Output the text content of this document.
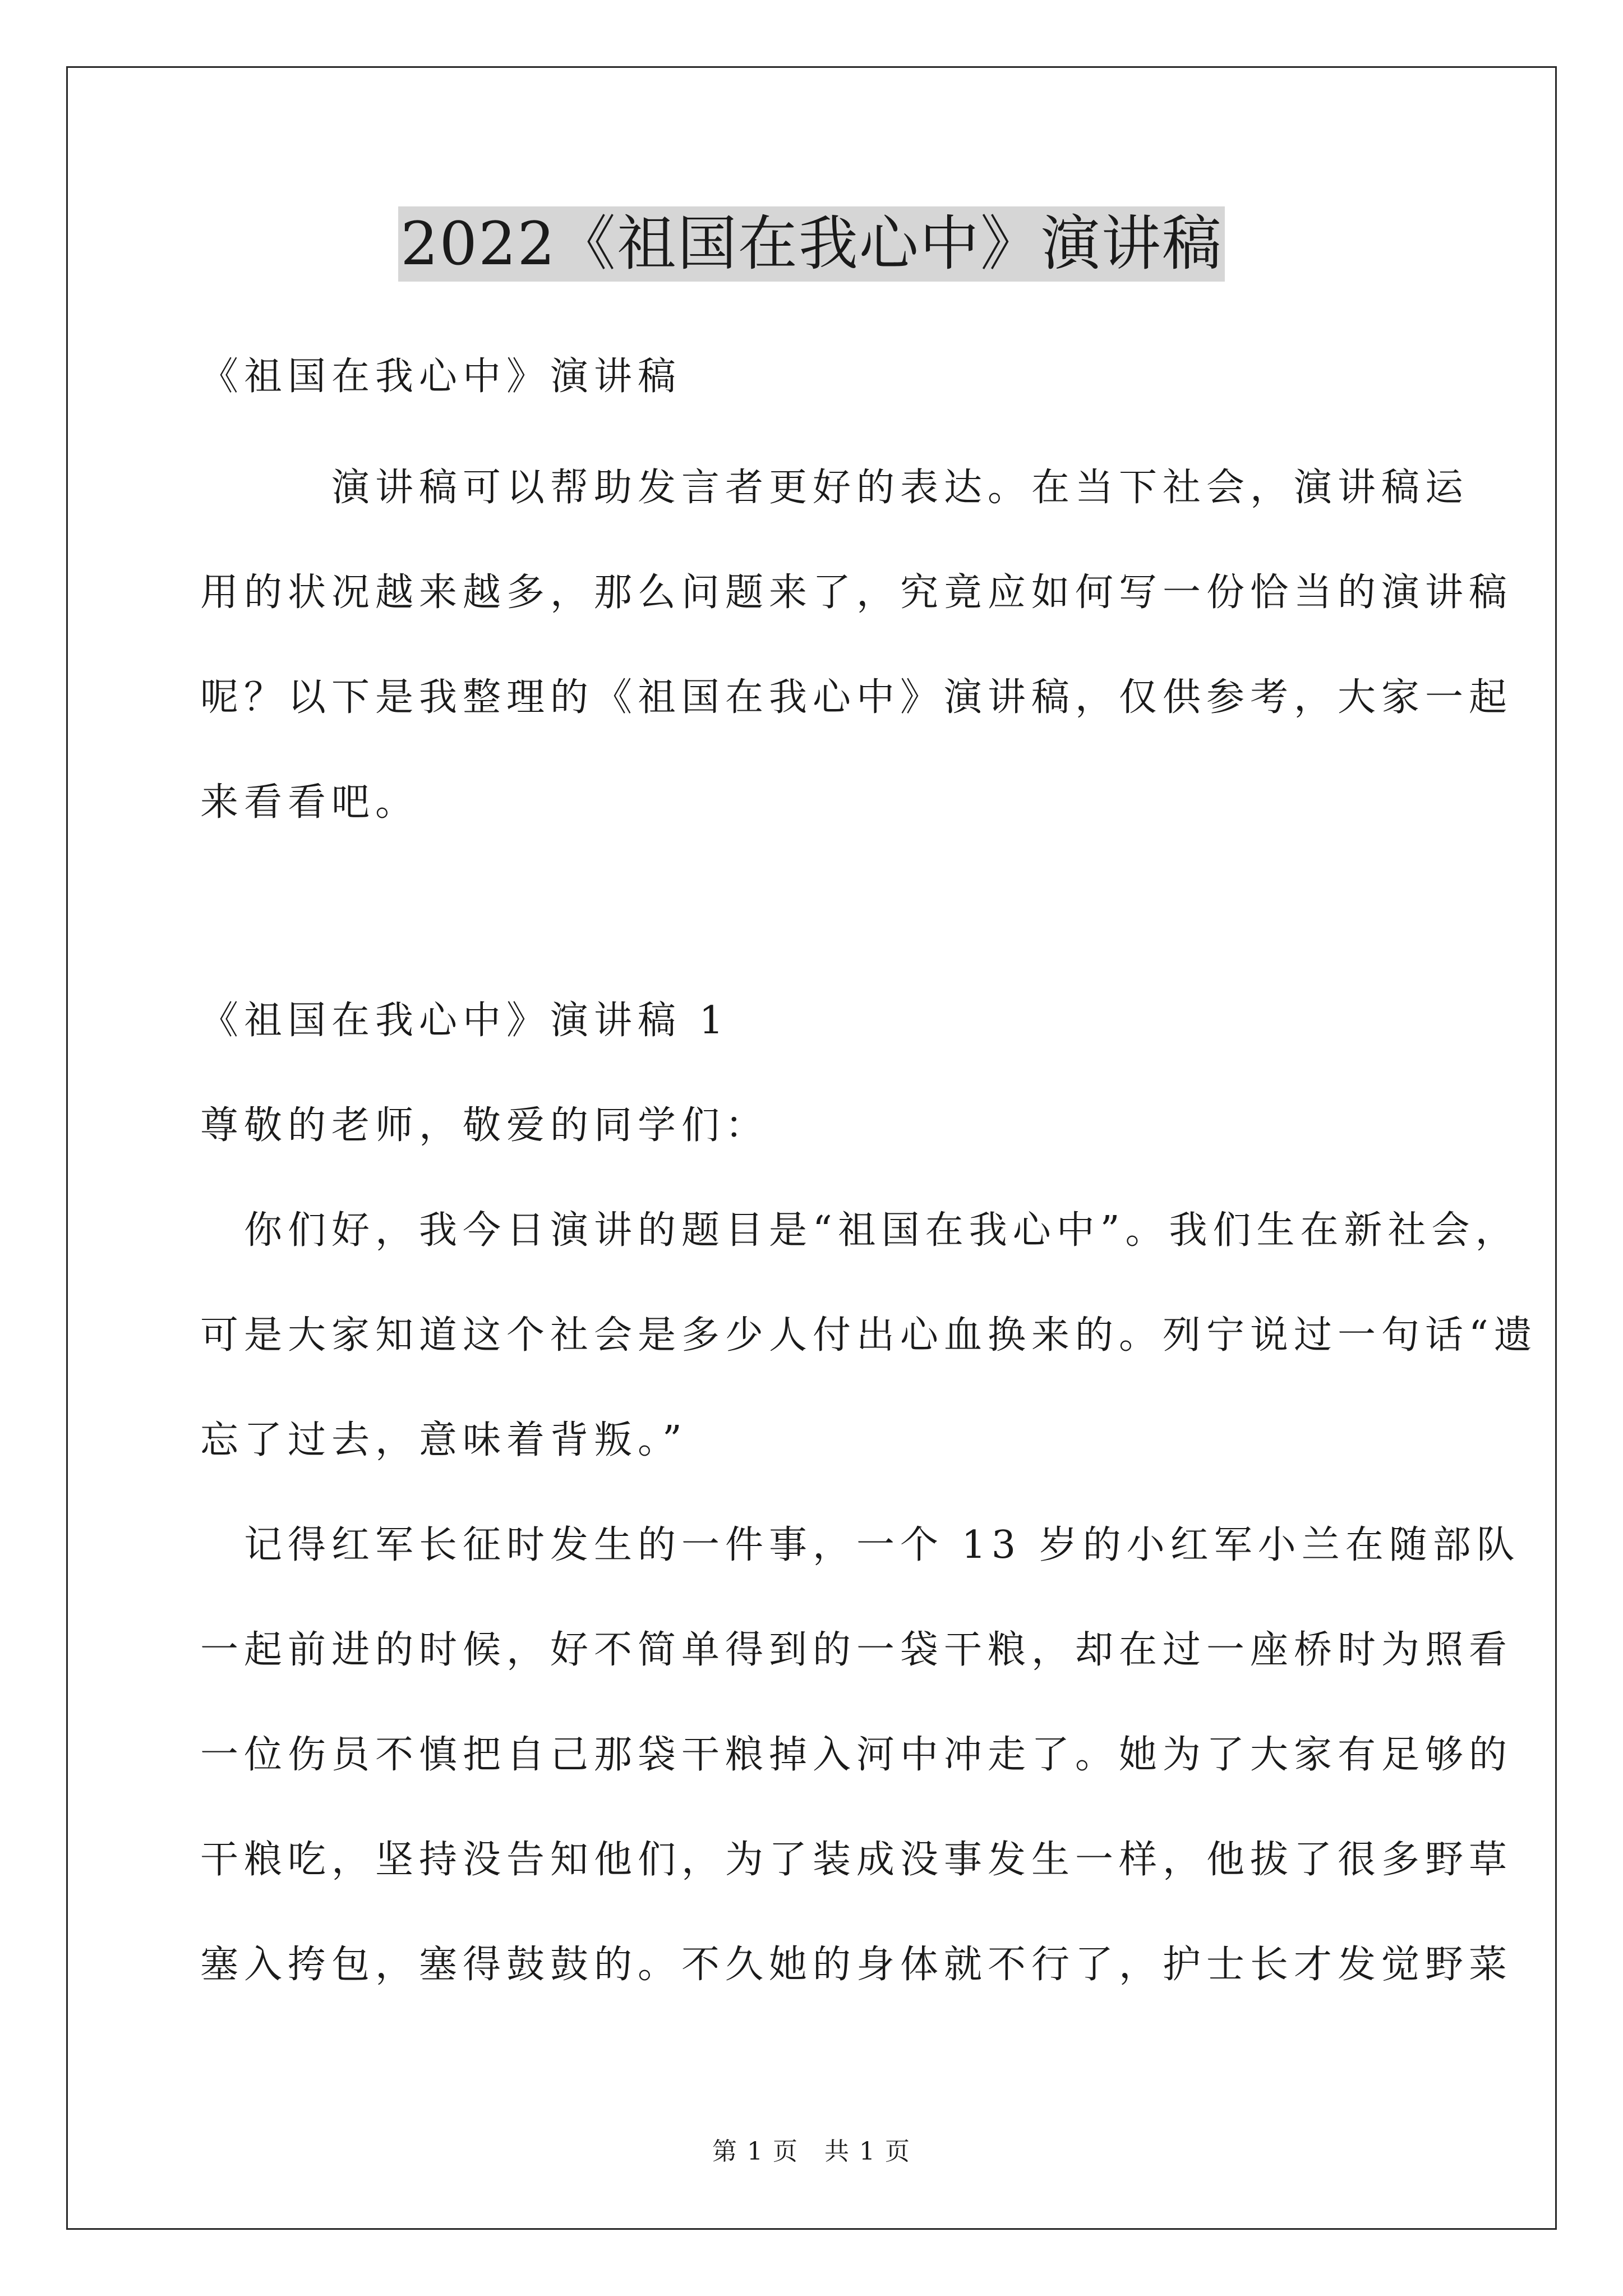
2022《祖国在我心中》演讲稿
《祖国在我心中》演讲稿
　　　演讲稿可以帮助发言者更好的表达。在当下社会，演讲稿运
用的状况越来越多，那么问题来了，究竟应如何写一份恰当的演讲稿
呢？以下是我整理的《祖国在我心中》演讲稿，仅供参考，大家一起
来看看吧。
《祖国在我心中》演讲稿 1
尊敬的老师，敬爱的同学们：
　你们好，我今日演讲的题目是“祖国在我心中”。我们生在新社会，
可是大家知道这个社会是多少人付出心血换来的。列宁说过一句话“遗
忘了过去，意味着背叛。”
　记得红军长征时发生的一件事，一个 13 岁的小红军小兰在随部队
一起前进的时候，好不简单得到的一袋干粮，却在过一座桥时为照看
一位伤员不慎把自己那袋干粮掉入河中冲走了。她为了大家有足够的
干粮吃，坚持没告知他们，为了装成没事发生一样，他拔了很多野草
塞入挎包，塞得鼓鼓的。不久她的身体就不行了，护士长才发觉野菜
第 1 页　共 1 页
